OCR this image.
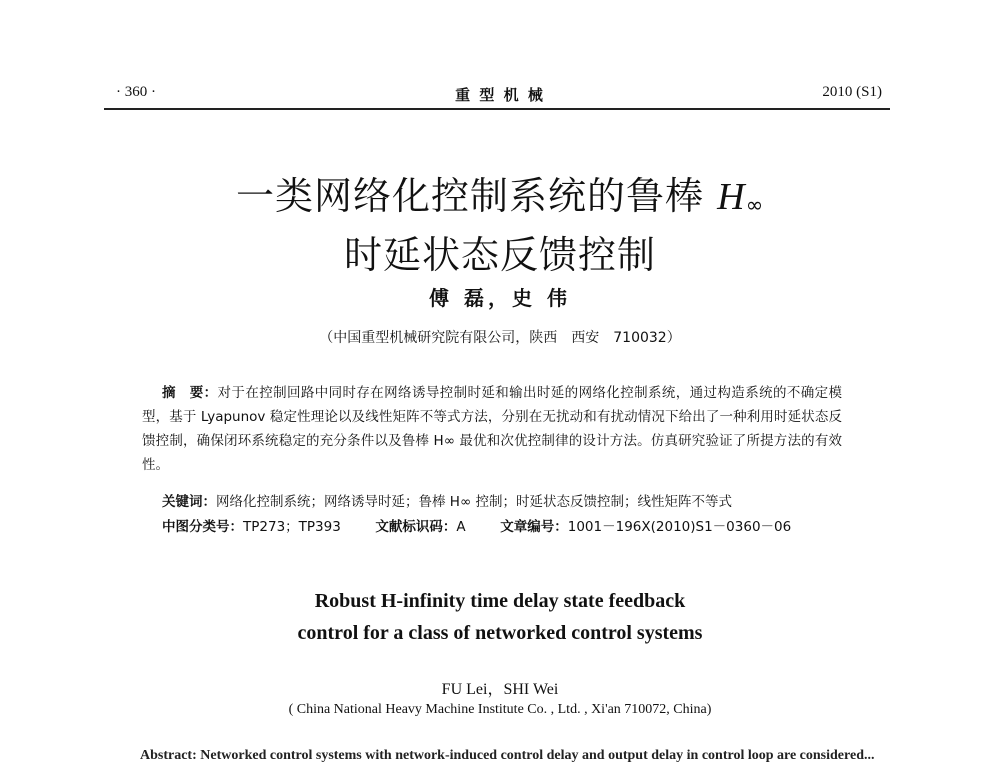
· 360 ·	重 型 机 械	2010 (S1)
一类网络化控制系统的鲁棒 H∞
时延状态反馈控制
傅 磊，史 伟
（中国重型机械研究院有限公司，陕西　西安　710032）
摘　要：对于在控制回路中同时存在网络诱导控制时延和输出时延的网络化控制系统，通过构造系统的不确定模型，基于 Lyapunov 稳定性理论以及线性矩阵不等式方法，分别在无扰动和有扰动情况下给出了一种利用时延状态反馈控制，确保闭环系统稳定的充分条件以及鲁棒 H∞ 最优和次优控制律的设计方法。仿真研究验证了所提方法的有效性。
关键词：网络化控制系统；网络诱导时延；鲁棒 H∞ 控制；时延状态反馈控制；线性矩阵不等式
中图分类号：TP273；TP393	文献标识码：A	文章编号：1001－196X(2010)S1－0360－06
Robust H-infinity time delay state feedback
control for a class of networked control systems
FU Lei，SHI Wei
( China National Heavy Machine Institute Co. , Ltd. , Xi'an 710072, China)
Abstract: Networked control systems with network-induced control delay and output delay in control loop are considered...
